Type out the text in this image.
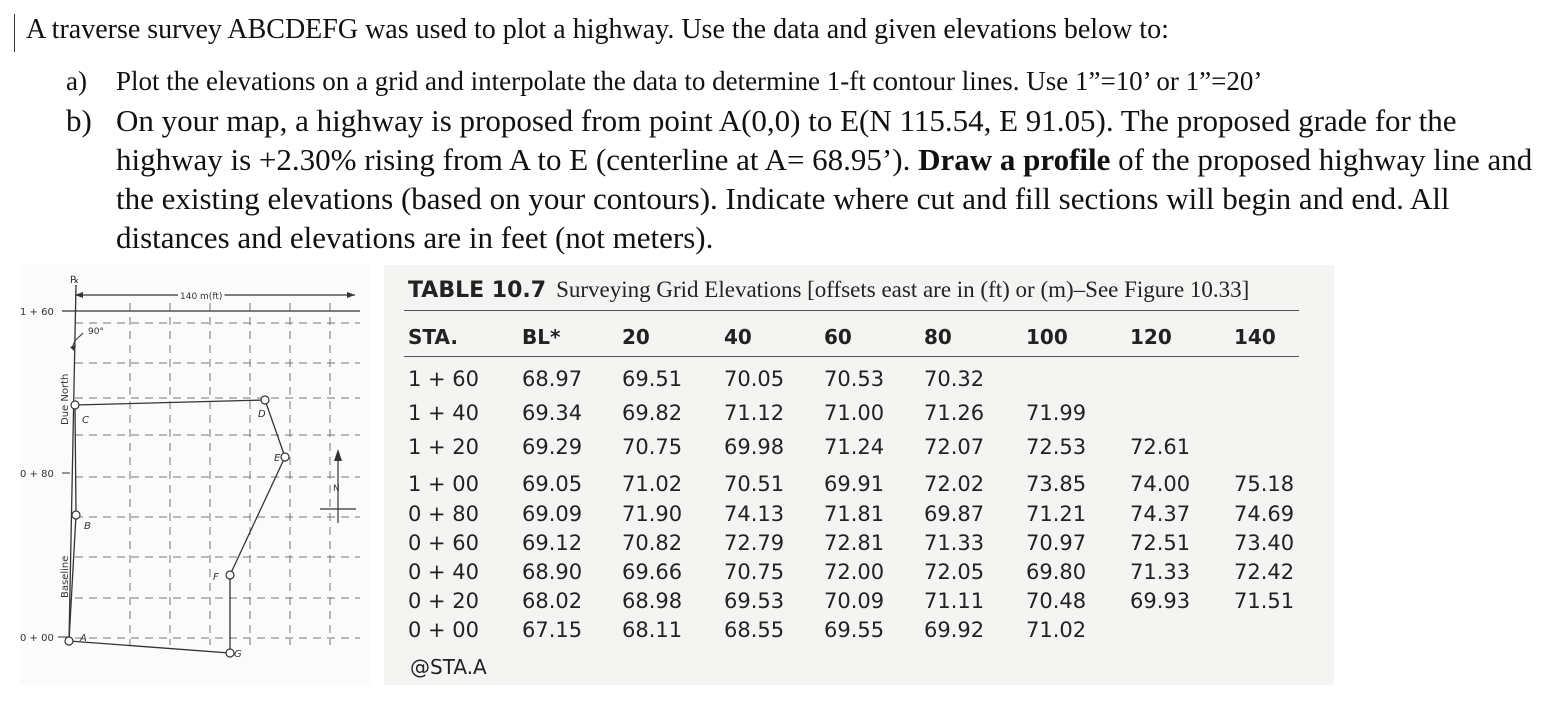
A traverse survey ABCDEFG was used to plot a highway. Use the data and given elevations below to:
a) Plot the elevations on a grid and interpolate the data to determine 1-ft contour lines. Use 1”=10’ or 1”=20’

b) On your map, a highway is proposed from point A(0,0) to E(N 115.54, E 91.05). The proposed grade for the highway is +2.30% rising from A to E (centerline at A= 68.95’). Draw a profile of the proposed highway line and the existing elevations (based on your contours). Indicate where cut and fill sections will begin and end. All distances and elevations are in feet (not meters).

1 + 60
0 + 80
0 + 00
140 m(ft)
90°
℞
Due North
Baseline
N
A
B
C
D
E
F
G
TABLE 10.7 Surveying Grid Elevations [offsets east are in (ft) or (m)–See Figure 10.33]
STA.	BL*	20	40	60	80	100	120	140
1 + 60 68.97 69.51 70.05 70.53 70.32
1 + 40 69.34 69.82 71.12 71.00 71.26 71.99
1 + 20 69.29 70.75 69.98 71.24 72.07 72.53 72.61
1 + 00 69.05 71.02 70.51 69.91 72.02 73.85 74.00 75.18
0 + 80 69.09 71.90 74.13 71.81 69.87 71.21 74.37 74.69
0 + 60 69.12 70.82 72.79 72.81 71.33 70.97 72.51 73.40
0 + 40 68.90 69.66 70.75 72.00 72.05 69.80 71.33 72.42
0 + 20 68.02 68.98 69.53 70.09 71.11 70.48 69.93 71.51
0 + 00 67.15 68.11 68.55 69.55 69.92 71.02
@STA.A
